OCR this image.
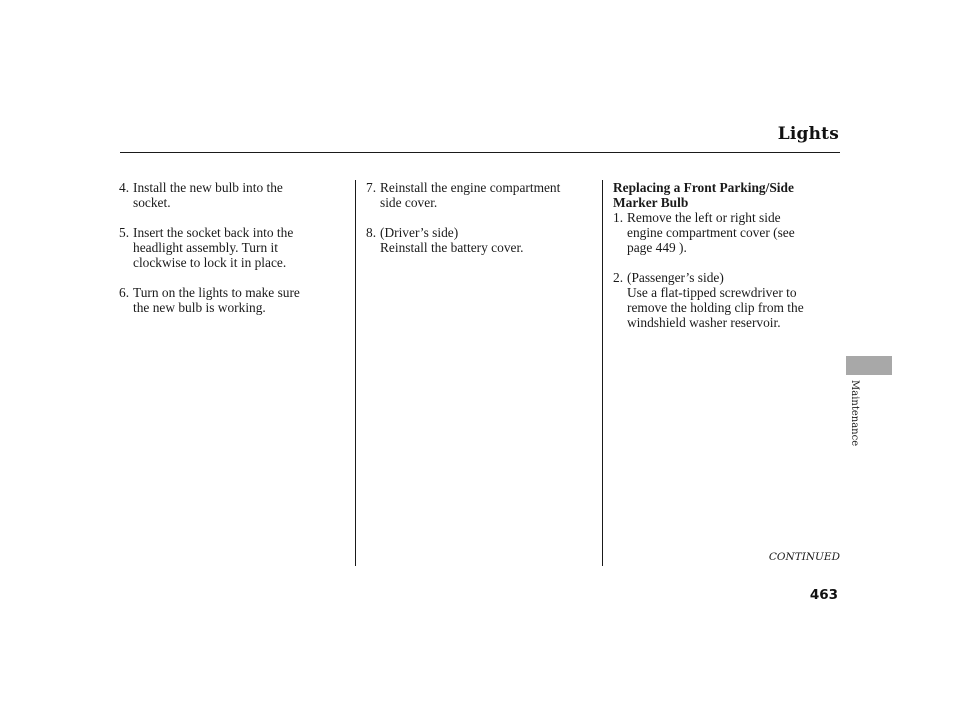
Lights
4. Install the new bulb into the
socket.
5. Insert the socket back into the
headlight assembly. Turn it
clockwise to lock it in place.
6. Turn on the lights to make sure
the new bulb is working.
7. Reinstall the engine compartment
side cover.
8. (Driver’s side)
Reinstall the battery cover.
Replacing a Front Parking/Side
Marker Bulb
1. Remove the left or right side
engine compartment cover (see
page 449 ).
2. (Passenger’s side)
Use a flat-tipped screwdriver to
remove the holding clip from the
windshield washer reservoir.
Maintenance
CONTINUED
463
